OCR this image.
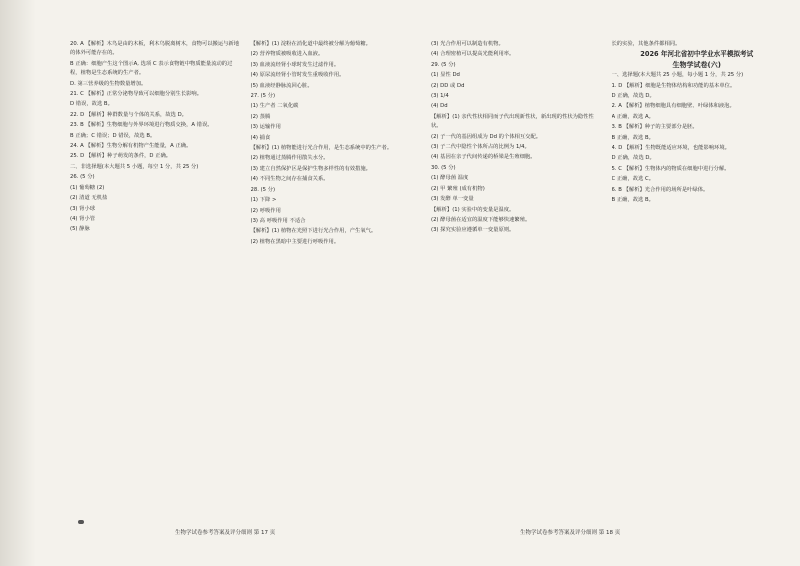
20. A 【解析】木鸟是由的木板，利木鸟脱离树木，食物可以搬运与新地的体外可能存在的。

B 正确：细胞产生这个图示A, 选项 C 表示食物链中物质能量流动的过程，植物是生态系统的生产者。

D. 第三营养级的生物数量增加。

21. C 【解析】正常分泌物导致可以细胞分别生长影响。

D 错误，故选 B。

22. D 【解析】种群数量与个体的关系，故选 D。

23. B 【解析】生物细胞与外界环境进行物质交换，A 错误。

B 正确；C 错误；D 错误，故选 B。

24. A 【解析】生物分解有机物产生能量，A 正确。

25. D 【解析】种子萌发的条件，D 正确。

二、非选择题(本大题共 5 小题，每空 1 分，共 25 分)

26. (5 分)

(1) 葡萄糖 (2)

(2) 清道 无机盐

(3) 肾小球

(4) 肾小管

(5) 静脉

【解析】(1) 淀粉在消化道中最终被分解为葡萄糖。

(2) 营养物质被吸收进入血液。

(3) 血液流经肾小球时发生过滤作用。

(4) 原尿流经肾小管时发生重吸收作用。

(5) 血液经静脉流回心脏。

27. (5 分)

(1) 生产者 二氧化碳

(2) 蒸腾

(3) 运输作用

(4) 捕食

【解析】(1) 植物能进行光合作用，是生态系统中的生产者。

(2) 植物通过蒸腾作用散失水分。

(3) 建立自然保护区是保护生物多样性的有效措施。

(4) 不同生物之间存在捕食关系。

28. (5 分)

(1) 下降 >

(2) 呼吸作用

(3) 高 呼吸作用 不适合

【解析】(1) 植物在光照下进行光合作用，产生氧气。

(2) 植物在黑暗中主要进行呼吸作用。

(3) 光合作用可以制造有机物。

(4) 合理密植可以提高光能利用率。

29. (5 分)

(1) 显性 Dd

(2) DD 或 Dd

(3) 1/4

(4) Dd

【解析】(1) 亲代性状相同而子代出现新性状，新出现的性状为隐性性状。

(2) 子一代的基因组成为 Dd 的个体相互交配。

(3) 子二代中隐性个体所占的比例为 1/4。

(4) 基因在亲子代间传递的桥梁是生殖细胞。

30. (5 分)

(1) 酵母菌 温度

(2) 甲 繁殖 (成有机物)

(3) 发酵 单一变量

【解析】(1) 实验中的变量是温度。

(2) 酵母菌在适宜的温度下能够快速繁殖。

(3) 探究实验应遵循单一变量原则。

长的实验，其他条件都相同。

2026 年河北省初中学业水平模拟考试

生物学试卷(六)

一、选择题(本大题共 25 小题，每小题 1 分，共 25 分)

1. D 【解析】细胞是生物体结构和功能的基本单位。

D 正确，故选 D。

2. A 【解析】植物细胞具有细胞壁、叶绿体和液泡。

A 正确，故选 A。

3. B 【解析】种子的主要部分是胚。

B 正确，故选 B。

4. D 【解析】生物既能适应环境，也能影响环境。

D 正确，故选 D。

5. C 【解析】生物体内的物质在细胞中进行分解。

C 正确，故选 C。

6. B 【解析】光合作用的场所是叶绿体。

B 正确，故选 B。

生物学试卷参考答案及评分细则 第 17 页	生物学试卷参考答案及评分细则 第 18 页
